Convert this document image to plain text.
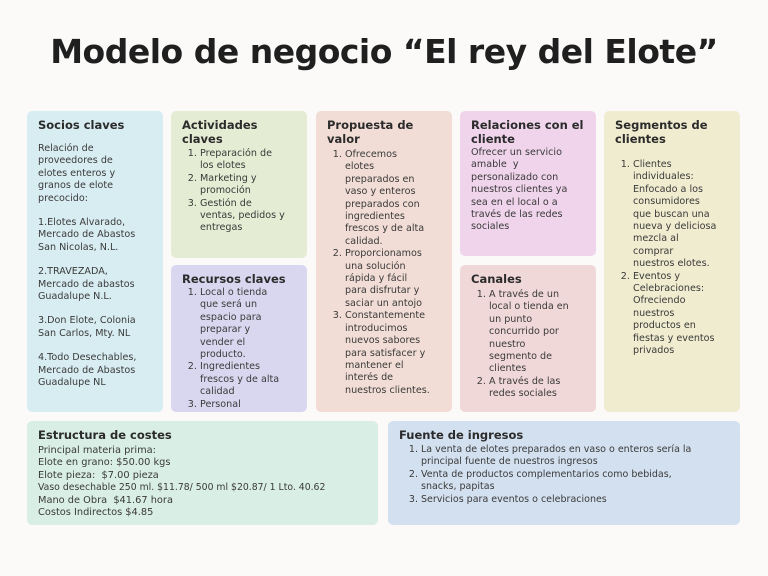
Modelo de negocio “El rey del Elote”
Socios claves
Relación de
proveedores de
elotes enteros y
granos de elote
precocido:
1.Elotes Alvarado,
Mercado de Abastos
San Nicolas, N.L.
2.TRAVEZADA,
Mercado de abastos
Guadalupe N.L.
3.Don Elote, Colonia
San Carlos, Mty. NL
4.Todo Desechables,
Mercado de Abastos
Guadalupe NL
Actividades
claves
1. Preparación de
los elotes
2. Marketing y
promoción
3. Gestión de
ventas, pedidos y
entregas
Recursos claves
1. Local o tienda
que será un
espacio para
preparar y
vender el
producto.
2. Ingredientes
frescos y de alta
calidad
3. Personal
Propuesta de
valor
1. Ofrecemos
elotes
preparados en
vaso y enteros
preparados con
ingredientes
frescos y de alta
calidad.
2. Proporcionamos
una solución
rápida y fácil
para disfrutar y
saciar un antojo
3. Constantemente
introducimos
nuevos sabores
para satisfacer y
mantener el
interés de
nuestros clientes.
Relaciones con el
cliente
Ofrecer un servicio
amable  y
personalizado con
nuestros clientes ya
sea en el local o a
través de las redes
sociales
Canales
1. A través de un
local o tienda en
un punto
concurrido por
nuestro
segmento de
clientes
2. A través de las
redes sociales
Segmentos de
clientes
1. Clientes
individuales:
Enfocado a los
consumidores
que buscan una
nueva y deliciosa
mezcla al
comprar
nuestros elotes.
2. Eventos y
Celebraciones:
Ofreciendo
nuestros
productos en
fiestas y eventos
privados
Estructura de costes
Principal materia prima:
Elote en grano: $50.00 kgs
Elote pieza:  $7.00 pieza
Vaso desechable 250 ml. $11.78/ 500 ml $20.87/ 1 Lto. 40.62
Mano de Obra  $41.67 hora
Costos Indirectos $4.85
Fuente de ingresos
1. La venta de elotes preparados en vaso o enteros sería la
principal fuente de nuestros ingresos
2. Venta de productos complementarios como bebidas,
snacks, papitas
3. Servicios para eventos o celebraciones
